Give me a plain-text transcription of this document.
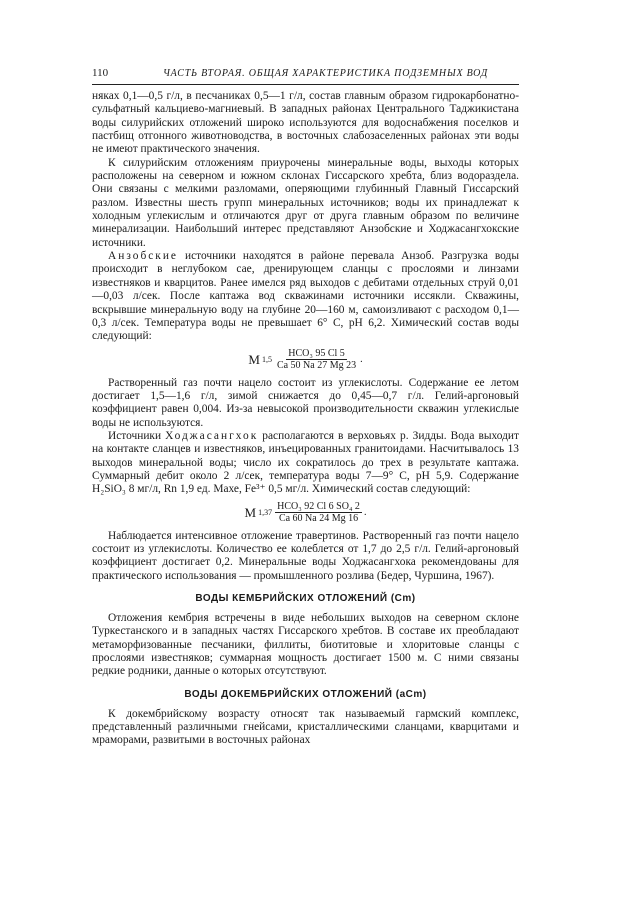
110	ЧАСТЬ ВТОРАЯ. ОБЩАЯ ХАРАКТЕРИСТИКА ПОДЗЕМНЫХ ВОД

няках 0,1—0,5 г/л, в песчаниках 0,5—1 г/л, состав главным образом гидрокарбонатно-сульфатный кальциево-магниевый. В западных районах Центрального Таджикистана воды силурийских отложений широко используются для водоснабжения поселков и пастбищ отгонного животноводства, в восточных слабозаселенных районах эти воды не имеют практического значения.

К силурийским отложениям приурочены минеральные воды, выходы которых расположены на северном и южном склонах Гиссарского хребта, близ водораздела. Они связаны с мелкими разломами, оперяющими глубинный Главный Гиссарский разлом. Известны шесть групп минеральных источников; воды их принадлежат к холодным углекислым и отличаются друг от друга главным образом по величине минерализации. Наибольший интерес представляют Анзобские и Ходжасангхокские источники.

Анзобские источники находятся в районе перевала Анзоб. Разгрузка воды происходит в неглубоком сае, дренирующем сланцы с прослоями и линзами известняков и кварцитов. Ранее имелся ряд выходов с дебитами отдельных струй 0,01—0,03 л/сек. После каптажа вод скважинами источники иссякли. Скважины, вскрывшие минеральную воду на глубине 20—160 м, самоизливают с расходом 0,1—0,3 л/сек. Температура воды не превышает 6° С, pH 6,2. Химический состав воды следующий:

M $1,5 \frac{\text{HCO₃ 95 Cl 5}}{Ca 50 Na 27 Mg 23}$ .

Растворенный газ почти нацело состоит из углекислоты. Содержание ее летом достигает 1,5—1,6 г/л, зимой снижается до 0,45—0,7 г/л. Гелий-аргоновый коэффициент равен 0,004. Из-за невысокой производительности скважин углекислые воды не используются.

Источники Ходжасангхок располагаются в верховьях р. Зидды. Вода выходит на контакте сланцев и известняков, инъецированных гранитоидами. Насчитывалось 13 выходов минеральной воды; число их сократилось до трех в результате каптажа. Суммарный дебит около 2 л/сек, температура воды 7—9° С, pH 5,9. Содержание H₂SiO₃ 8 мг/л, Rn 1,9 ед. Махе, Fe³⁺ 0,5 мг/л. Химический состав следующий:

M $1,37 \frac{\text{HCO₃ 92 Cl 6 SO₄ 2}}{Ca 60 Na 24 Mg 16}$ .

Наблюдается интенсивное отложение травертинов. Растворенный газ почти нацело состоит из углекислоты. Количество ее колеблется от 1,7 до 2,5 г/л. Гелий-аргоновый коэффициент достигает 0,2. Минеральные воды Ходжасангхока рекомендованы для практического использования — промышленного розлива (Бедер, Чуршина, 1967).

ВОДЫ КЕМБРИЙСКИХ ОТЛОЖЕНИЙ (Cm)

Отложения кембрия встречены в виде небольших выходов на северном склоне Туркестанского и в западных частях Гиссарского хребтов. В составе их преобладают метаморфизованные песчаники, филлиты, биотитовые и хлоритовые сланцы с прослоями известняков; суммарная мощность достигает 1500 м. С ними связаны редкие родники, данные о которых отсутствуют.

ВОДЫ ДОКЕМБРИЙСКИХ ОТЛОЖЕНИЙ (aCm)

К докембрийскому возрасту относят так называемый гармский комплекс, представленный различными гнейсами, кристаллическими сланцами, кварцитами и мраморами, развитыми в восточных районах
